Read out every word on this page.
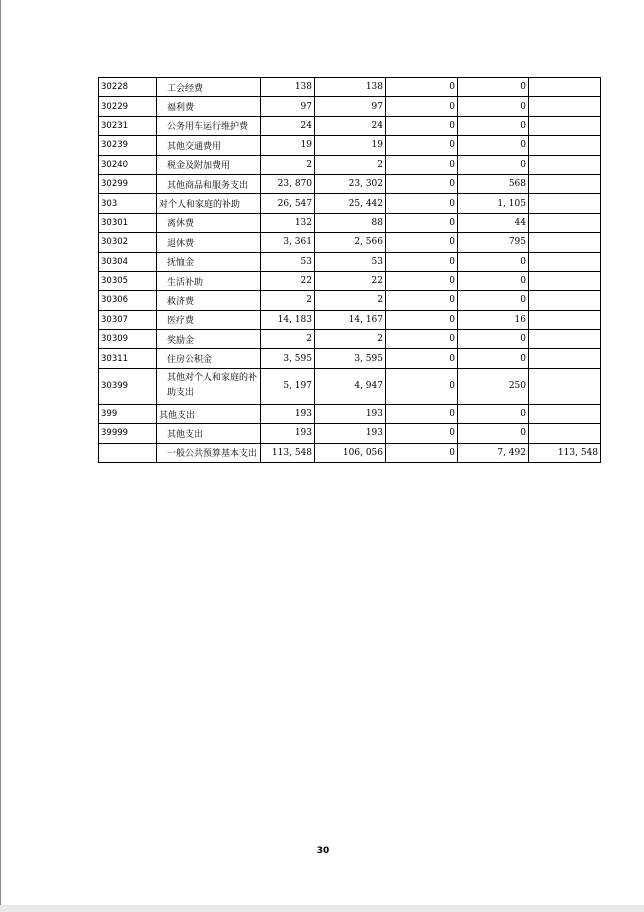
30228	工会经费	138	138	0	0	
30229	福利费	97	97	0	0	
30231	公务用车运行维护费	24	24	0	0	
30239	其他交通费用	19	19	0	0	
30240	税金及附加费用	2	2	0	0	
30299	其他商品和服务支出	23, 870	23, 302	0	568	
303	对个人和家庭的补助	26, 547	25, 442	0	1, 105	
30301	离休费	132	88	0	44	
30302	退休费	3, 361	2, 566	0	795	
30304	抚恤金	53	53	0	0	
30305	生活补助	22	22	0	0	
30306	救济费	2	2	0	0	
30307	医疗费	14, 183	14, 167	0	16	
30309	奖励金	2	2	0	0	
30311	住房公积金	3, 595	3, 595	0	0	
30399	其他对个人和家庭的补助支出	5, 197	4, 947	0	250	
399	其他支出	193	193	0	0	
39999	其他支出	193	193	0	0	
	一般公共预算基本支出	113, 548	106, 056	0	7, 492	113, 548
30
